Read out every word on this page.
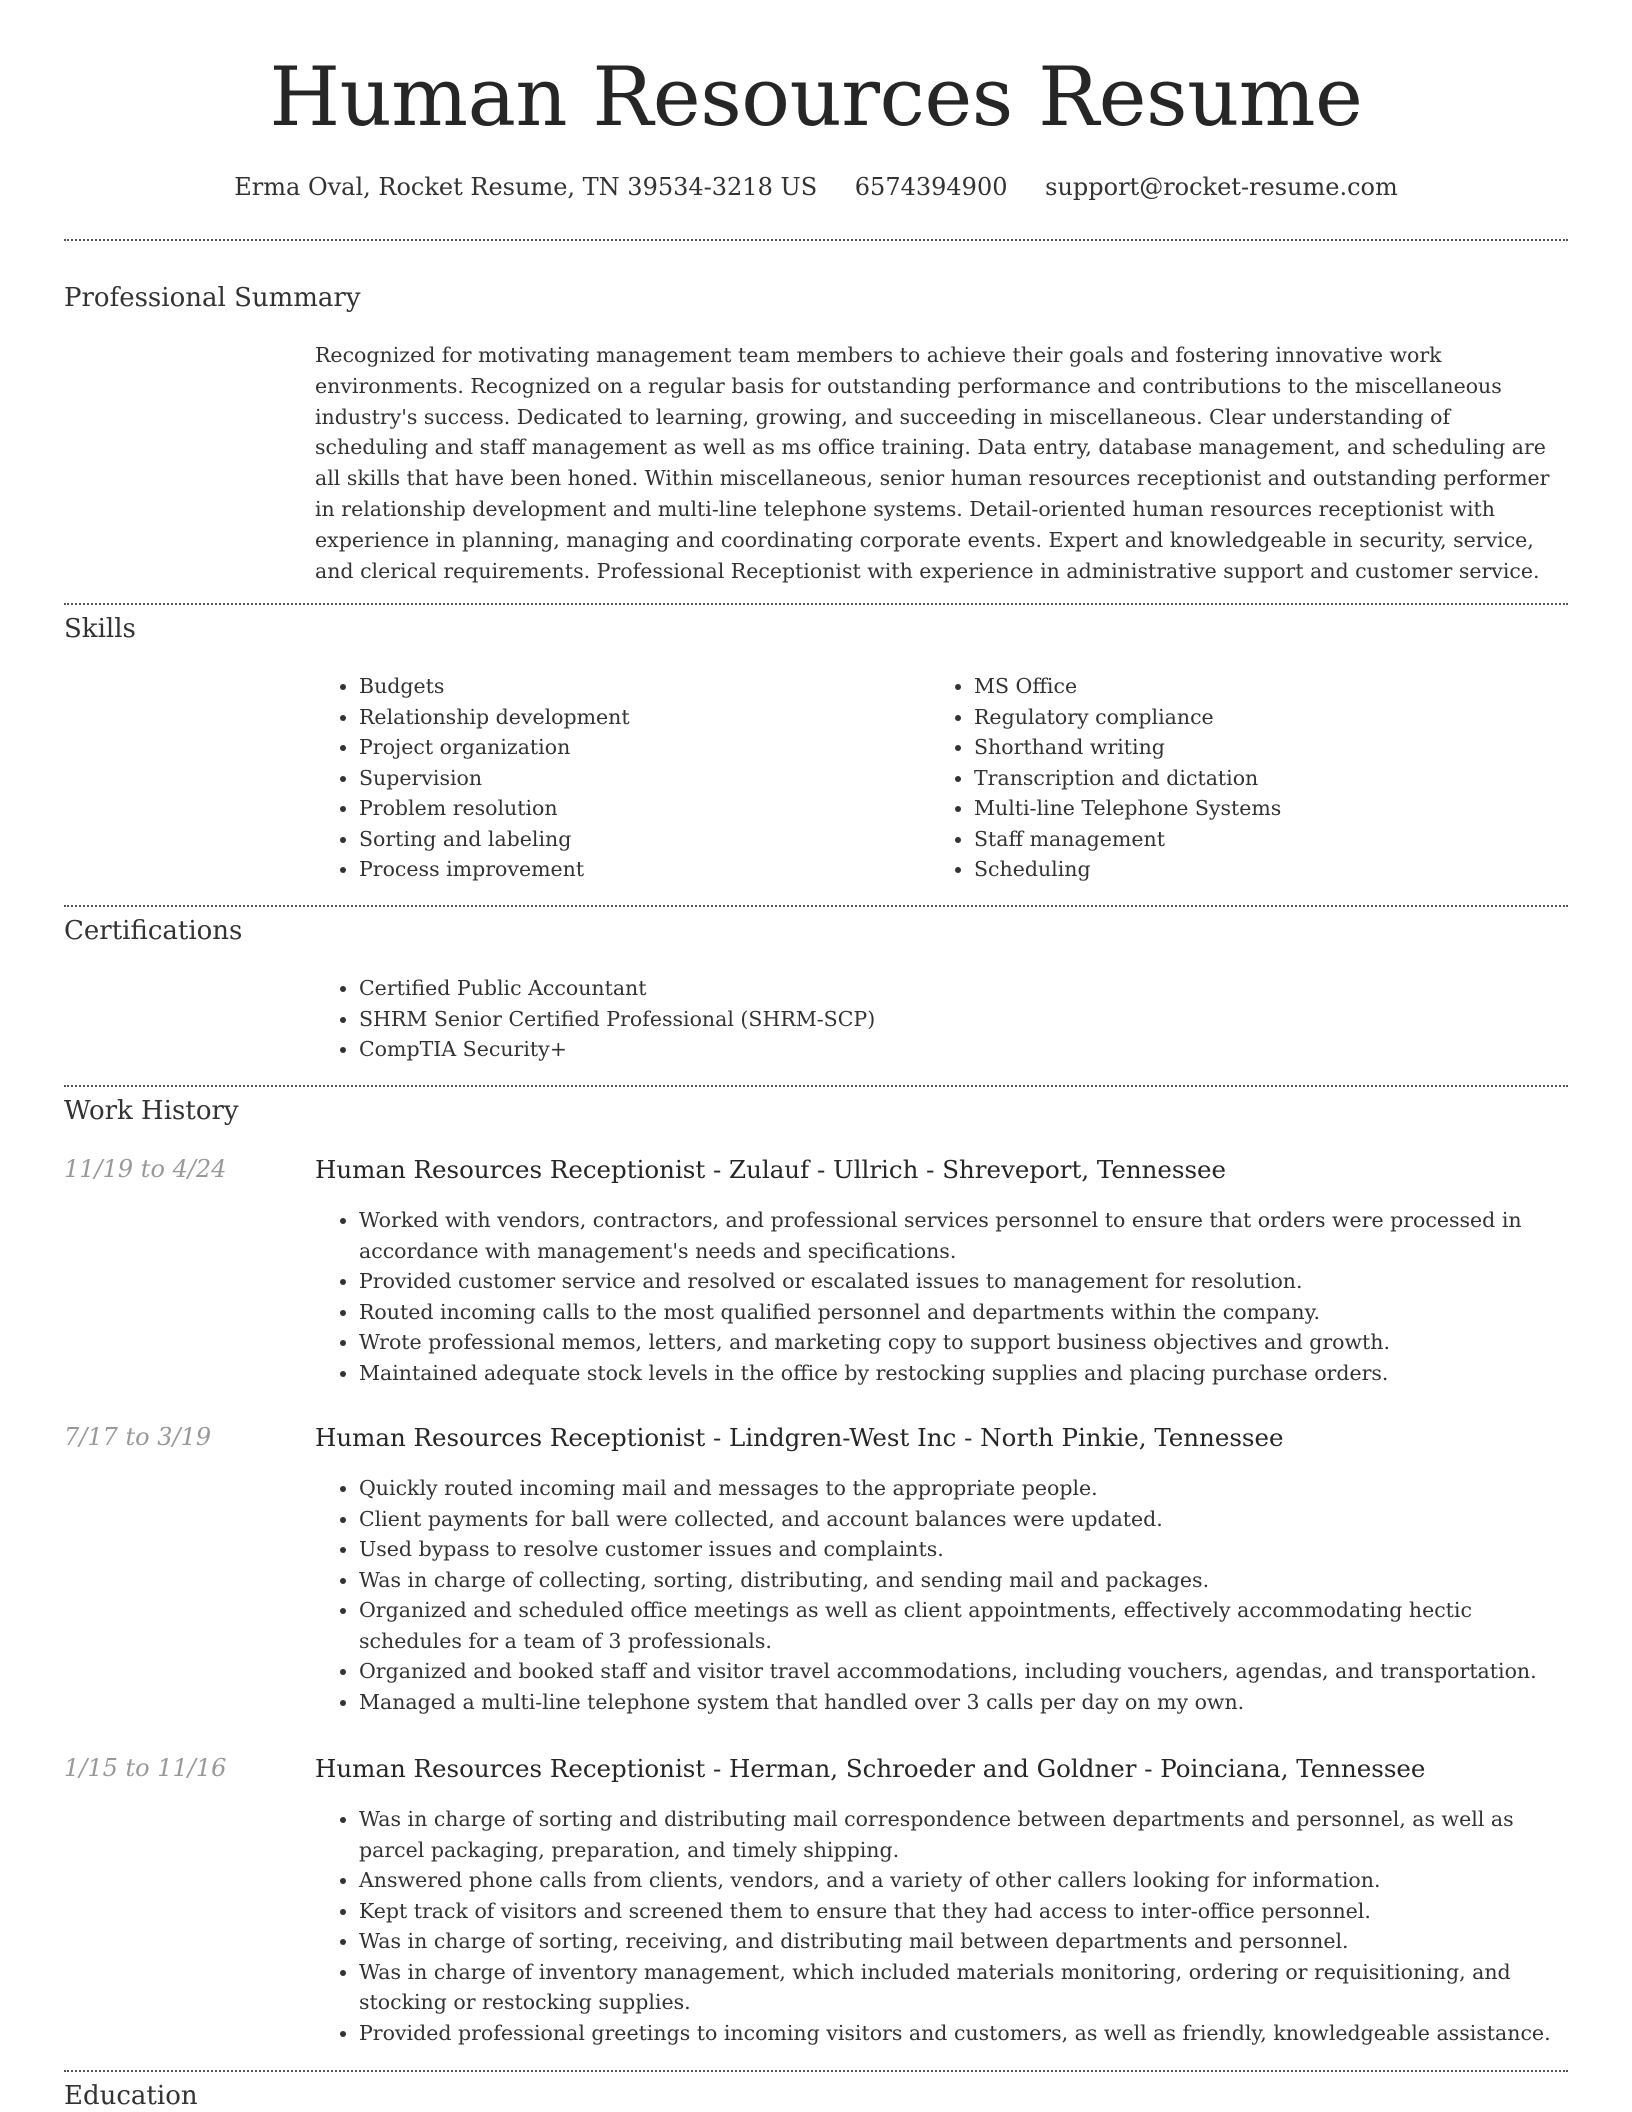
Human Resources Resume
Erma Oval, Rocket Resume, TN 39534-3218 US 6574394900 support@rocket-resume.com
Professional Summary
Recognized for motivating management team members to achieve their goals and fostering innovative work environments. Recognized on a regular basis for outstanding performance and contributions to the miscellaneous industry's success. Dedicated to learning, growing, and succeeding in miscellaneous. Clear understanding of scheduling and staff management as well as ms office training. Data entry, database management, and scheduling are all skills that have been honed. Within miscellaneous, senior human resources receptionist and outstanding performer in relationship development and multi-line telephone systems. Detail-oriented human resources receptionist with experience in planning, managing and coordinating corporate events. Expert and knowledgeable in security, service, and clerical requirements. Professional Receptionist with experience in administrative support and customer service.
Skills
• Budgets
• Relationship development
• Project organization
• Supervision
• Problem resolution
• Sorting and labeling
• Process improvement
• MS Office
• Regulatory compliance
• Shorthand writing
• Transcription and dictation
• Multi-line Telephone Systems
• Staff management
• Scheduling
Certifications
• Certified Public Accountant
• SHRM Senior Certified Professional (SHRM-SCP)
• CompTIA Security+
Work History
11/19 to 4/24	Human Resources Receptionist - Zulauf - Ullrich - Shreveport, Tennessee
• Worked with vendors, contractors, and professional services personnel to ensure that orders were processed in accordance with management's needs and specifications.
• Provided customer service and resolved or escalated issues to management for resolution.
• Routed incoming calls to the most qualified personnel and departments within the company.
• Wrote professional memos, letters, and marketing copy to support business objectives and growth.
• Maintained adequate stock levels in the office by restocking supplies and placing purchase orders.
7/17 to 3/19	Human Resources Receptionist - Lindgren-West Inc - North Pinkie, Tennessee
• Quickly routed incoming mail and messages to the appropriate people.
• Client payments for ball were collected, and account balances were updated.
• Used bypass to resolve customer issues and complaints.
• Was in charge of collecting, sorting, distributing, and sending mail and packages.
• Organized and scheduled office meetings as well as client appointments, effectively accommodating hectic schedules for a team of 3 professionals.
• Organized and booked staff and visitor travel accommodations, including vouchers, agendas, and transportation.
• Managed a multi-line telephone system that handled over 3 calls per day on my own.
1/15 to 11/16	Human Resources Receptionist - Herman, Schroeder and Goldner - Poinciana, Tennessee
• Was in charge of sorting and distributing mail correspondence between departments and personnel, as well as parcel packaging, preparation, and timely shipping.
• Answered phone calls from clients, vendors, and a variety of other callers looking for information.
• Kept track of visitors and screened them to ensure that they had access to inter-office personnel.
• Was in charge of sorting, receiving, and distributing mail between departments and personnel.
• Was in charge of inventory management, which included materials monitoring, ordering or requisitioning, and stocking or restocking supplies.
• Provided professional greetings to incoming visitors and customers, as well as friendly, knowledgeable assistance.
Education
